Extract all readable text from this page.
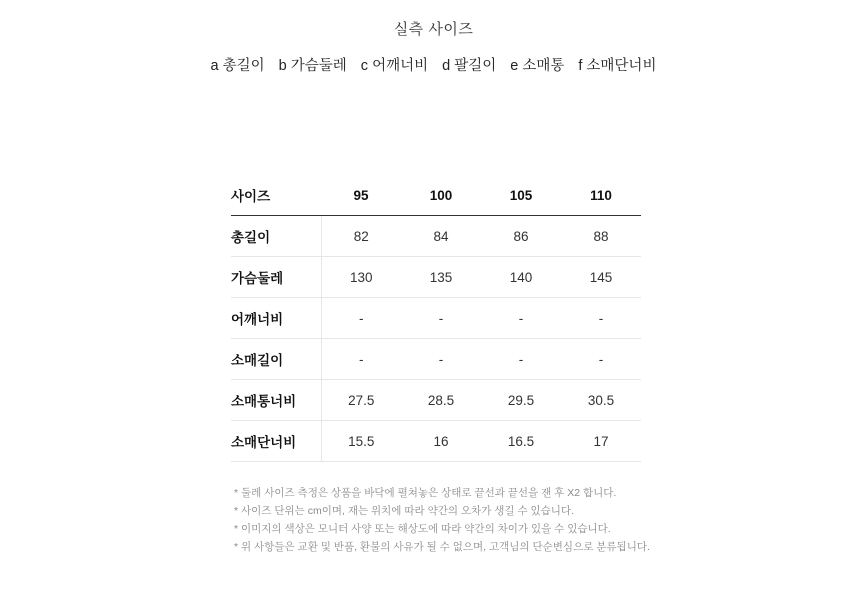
실측 사이즈
a 총길이 b 가슴둘레 c 어깨너비 d 팔길이 e 소매통 f 소매단너비
사이즈	95	100	105	110
총길이	82	84	86	88
가슴둘레	130	135	140	145
어깨너비	-	-	-	-
소매길이	-	-	-	-
소매통너비	27.5	28.5	29.5	30.5
소매단너비	15.5	16	16.5	17
* 둘레 사이즈 측정은 상품을 바닥에 펼쳐놓은 상태로 끝선과 끝선을 잰 후 X2 합니다.
* 사이즈 단위는 cm이며, 재는 위치에 따라 약간의 오차가 생길 수 있습니다.
* 이미지의 색상은 모니터 사양 또는 해상도에 따라 약간의 차이가 있을 수 있습니다.
* 위 사항들은 교환 및 반품, 환불의 사유가 될 수 없으며, 고객님의 단순변심으로 분류됩니다.
